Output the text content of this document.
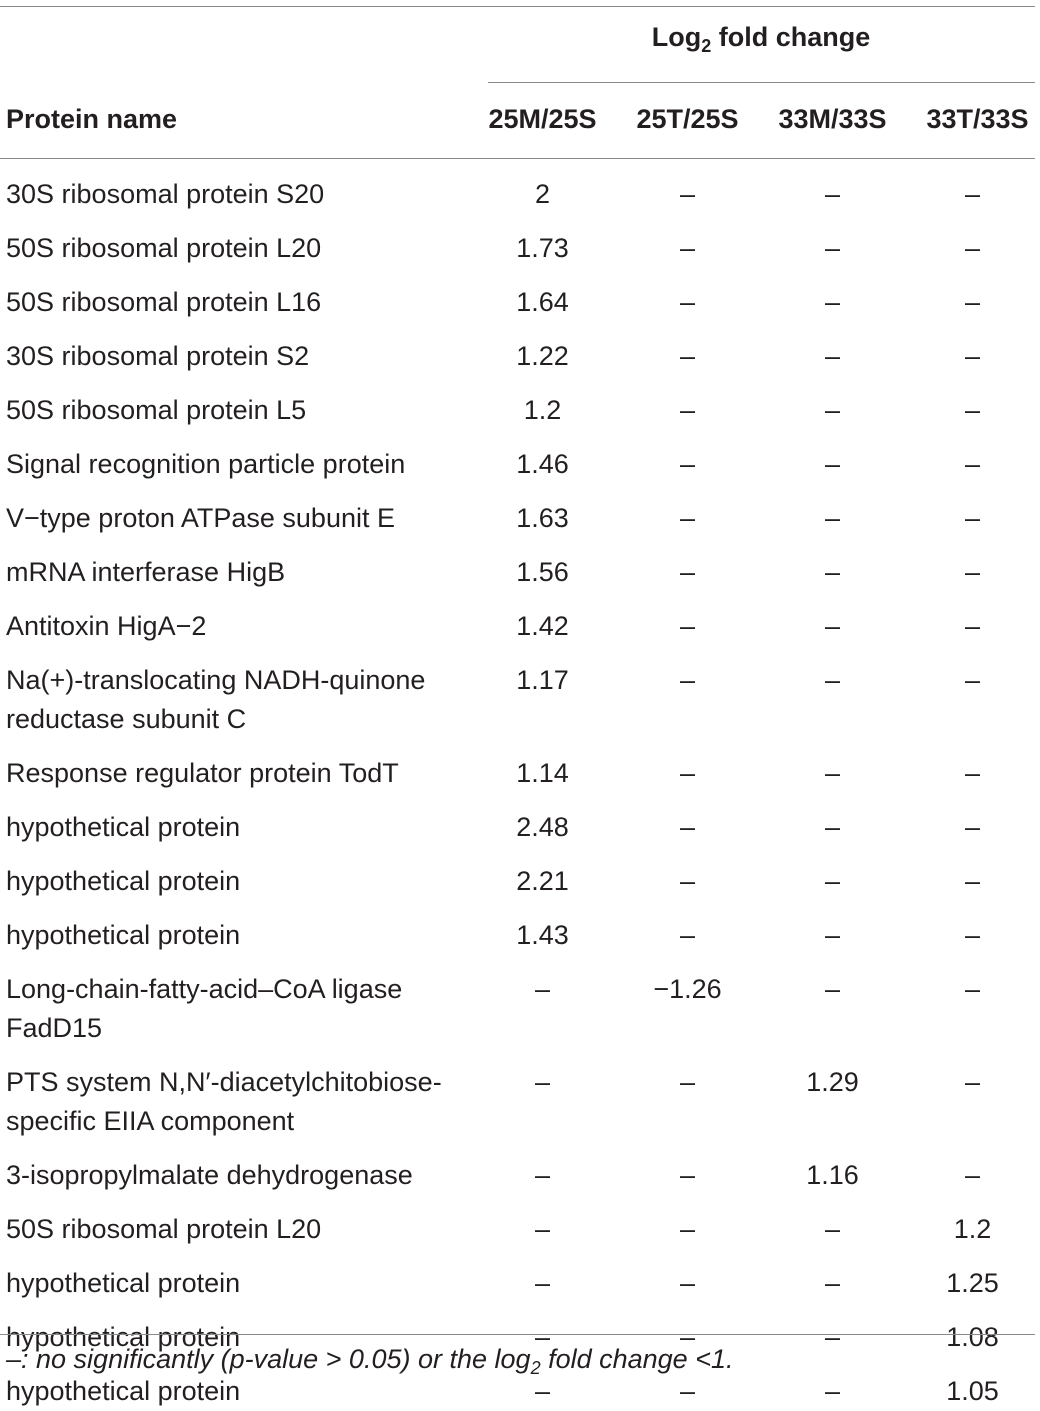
Log$_2$ fold change
Protein name	25M/25S	25T/25S	33M/33S	33T/33S
30S ribosomal protein S20	2	–	–	–
50S ribosomal protein L20	1.73	–	–	–
50S ribosomal protein L16	1.64	–	–	–
30S ribosomal protein S2	1.22	–	–	–
50S ribosomal protein L5	1.2	–	–	–
Signal recognition particle protein	1.46	–	–	–
V−type proton ATPase subunit E	1.63	–	–	–
mRNA interferase HigB	1.56	–	–	–
Antitoxin HigA−2	1.42	–	–	–
Na(+)-translocating NADH-quinone reductase subunit C	1.17	–	–	–
Response regulator protein TodT	1.14	–	–	–
hypothetical protein	2.48	–	–	–
hypothetical protein	2.21	–	–	–
hypothetical protein	1.43	–	–	–
Long-chain-fatty-acid–CoA ligase FadD15	–	−1.26	–	–
PTS system N,N′-diacetylchitobiose-specific EIIA component	–	–	1.29	–
3-isopropylmalate dehydrogenase	–	–	1.16	–
50S ribosomal protein L20	–	–	–	1.2
hypothetical protein	–	–	–	1.25
hypothetical protein	–	–	–	1.08
hypothetical protein	–	–	–	1.05
–: no significantly (p-value > 0.05) or the $\log_2$ fold change <1.
